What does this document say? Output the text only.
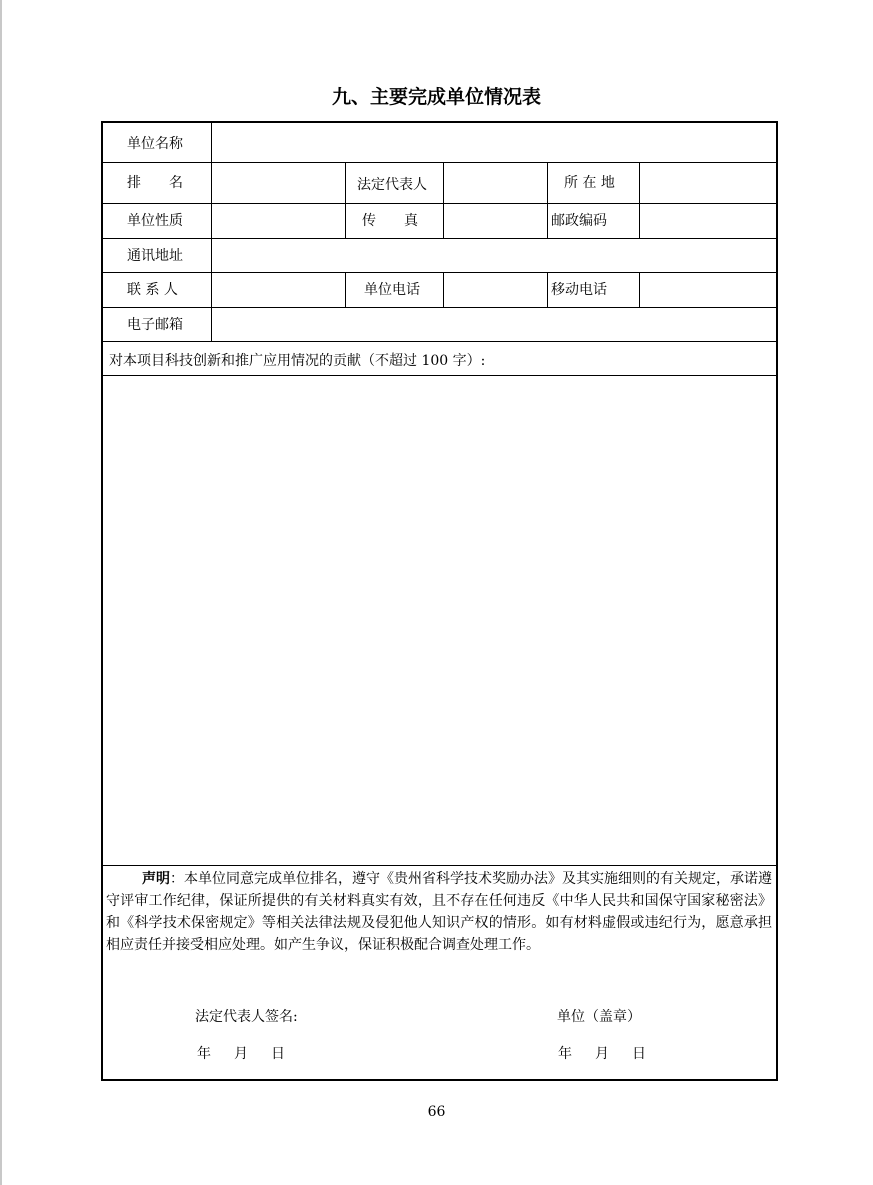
九、主要完成单位情况表
单位名称
排　　名	法定代表人	所 在 地
单位性质	传　　真	邮政编码
通讯地址
联 系 人	单位电话	移动电话
电子邮箱
对本项目科技创新和推广应用情况的贡献（不超过 100 字）:
声明：本单位同意完成单位排名，遵守《贵州省科学技术奖励办法》及其实施细则的有关规定，承诺遵守评审工作纪律，保证所提供的有关材料真实有效，且不存在任何违反《中华人民共和国保守国家秘密法》和《科学技术保密规定》等相关法律法规及侵犯他人知识产权的情形。如有材料虚假或违纪行为，愿意承担相应责任并接受相应处理。如产生争议，保证积极配合调查处理工作。
法定代表人签名:	单位（盖章）
年 月 日	年 月 日
66
